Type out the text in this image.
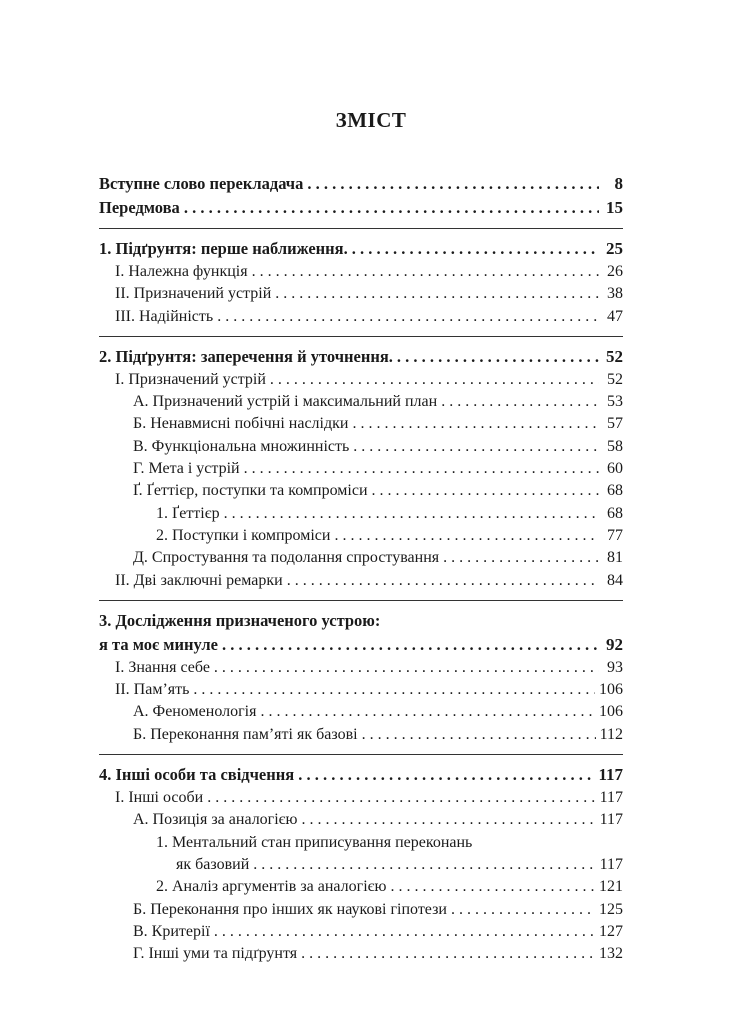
ЗМІСТ
Вступне слово перекладача . . .	8
Передмова . . .	15
1. Підґрунтя: перше наближення. . . .	25
I. Належна функція . . .	26
II. Призначений устрій . . .	38
III. Надійність . . .	47
2. Підґрунтя: заперечення й уточнення. . . .	52
I. Призначений устрій . . .	52
А. Призначений устрій і максимальний план . . .	53
Б. Ненавмисні побічні наслідки . . .	57
В. Функціональна множинність . . .	58
Г. Мета і устрій . . .	60
Ґ. Ґеттієр, поступки та компроміси . . .	68
1. Ґеттієр . . .	68
2. Поступки і компроміси . . .	77
Д. Спростування та подолання спростування . . .	81
II. Дві заключні ремарки . . .	84
3. Дослідження призначеного устрою:
я та моє минуле . . .	92
I. Знання себе . . .	93
II. Пам’ять . . .	106
А. Феноменологія . . .	106
Б. Переконання пам’яті як базові . . .	112
4. Інші особи та свідчення . . .	117
I. Інші особи . . .	117
А. Позиція за аналогією . . .	117
1. Ментальний стан приписування переконань
як базовий . . .	117
2. Аналіз аргументів за аналогією . . .	121
Б. Переконання про інших як наукові гіпотези . . .	125
В. Критерії . . .	127
Г. Інші уми та підґрунтя . . .	132
